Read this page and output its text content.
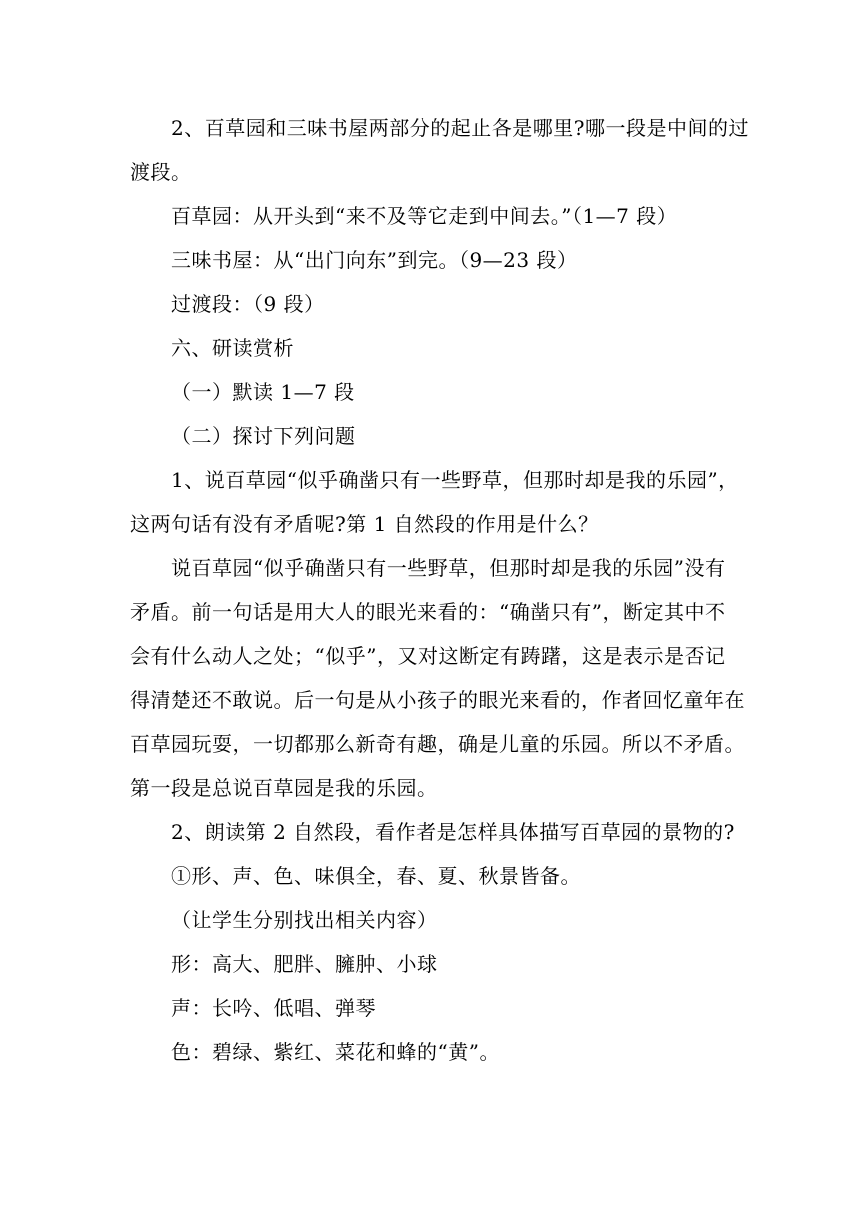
2、百草园和三味书屋两部分的起止各是哪里?哪一段是中间的过
渡段。
百草园：从开头到“来不及等它走到中间去。”（1—7 段）
三味书屋：从“出门向东”到完。（9—23 段）
过渡段：（9 段）
六、研读赏析
（一）默读 1—7 段
（二）探讨下列问题
1、说百草园“似乎确凿只有一些野草，但那时却是我的乐园”，
这两句话有没有矛盾呢?第 1 自然段的作用是什么？
说百草园“似乎确凿只有一些野草，但那时却是我的乐园”没有
矛盾。前一句话是用大人的眼光来看的：“确凿只有”，断定其中不
会有什么动人之处；“似乎”，又对这断定有踌躇，这是表示是否记
得清楚还不敢说。后一句是从小孩子的眼光来看的，作者回忆童年在
百草园玩耍，一切都那么新奇有趣，确是儿童的乐园。所以不矛盾。
第一段是总说百草园是我的乐园。
2、朗读第 2 自然段，看作者是怎样具体描写百草园的景物的?
①形、声、色、味俱全，春、夏、秋景皆备。
（让学生分别找出相关内容）
形：高大、肥胖、臃肿、小球
声：长吟、低唱、弹琴
色：碧绿、紫红、菜花和蜂的“黄”。
